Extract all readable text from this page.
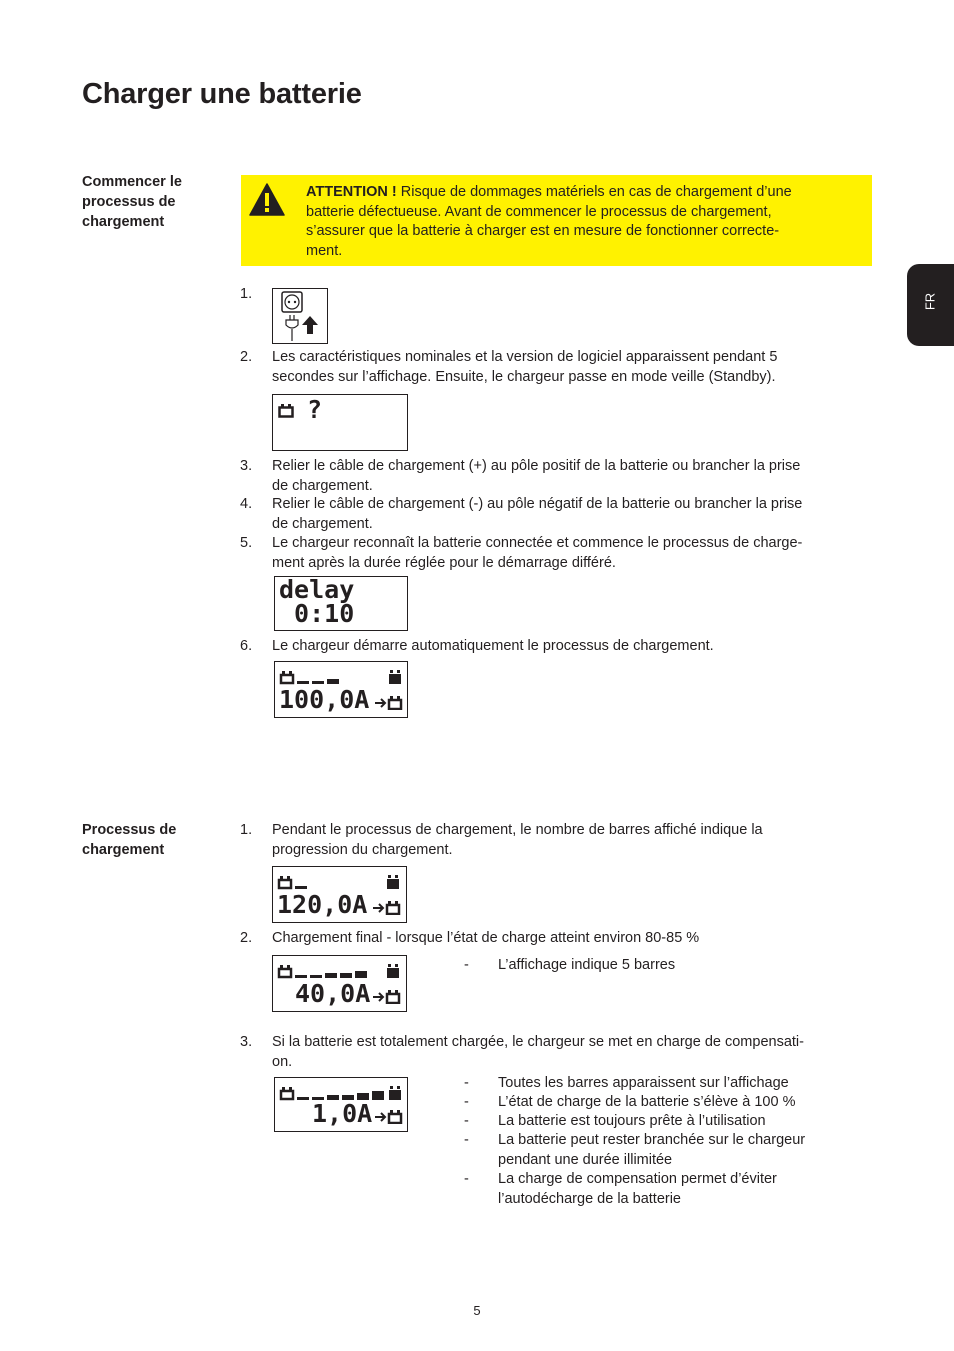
Charger une batterie
FR
Commencer le
processus de
chargement
ATTENTION ! Risque de dommages matériels en cas de chargement d’une
batterie défectueuse. Avant de commencer le processus de chargement,
s’assurer que la batterie à charger est en mesure de fonctionner correcte-
ment.
1.
2.	Les caractéristiques nominales et la version de logiciel apparaissent pendant 5
secondes sur l’affichage. Ensuite, le chargeur passe en mode veille (Standby).
?
3.	Relier le câble de chargement (+) au pôle positif de la batterie ou brancher la prise
de chargement.
4.	Relier le câble de chargement (-) au pôle négatif de la batterie ou brancher la prise
de chargement.
5.	Le chargeur reconnaît la batterie connectée et commence le processus de charge-
ment après la durée réglée pour le démarrage différé.
delay
0:10
6.	Le chargeur démarre automatiquement le processus de chargement.
100,0A
Processus de
chargement
1.	Pendant le processus de chargement, le nombre de barres affiché indique la
progression du chargement.
120,0A
2.	Chargement final - lorsque l’état de charge atteint environ 80-85 %
40,0A
-	L’affichage indique 5 barres
3.	Si la batterie est totalement chargée, le chargeur se met en charge de compensati-
on.
1,0A
-	Toutes les barres apparaissent sur l’affichage
-	L’état de charge de la batterie s’élève à 100 %
-	La batterie est toujours prête à l’utilisation
-	La batterie peut rester branchée sur le chargeur
pendant une durée illimitée
-	La charge de compensation permet d’éviter
l’autodécharge de la batterie
5
